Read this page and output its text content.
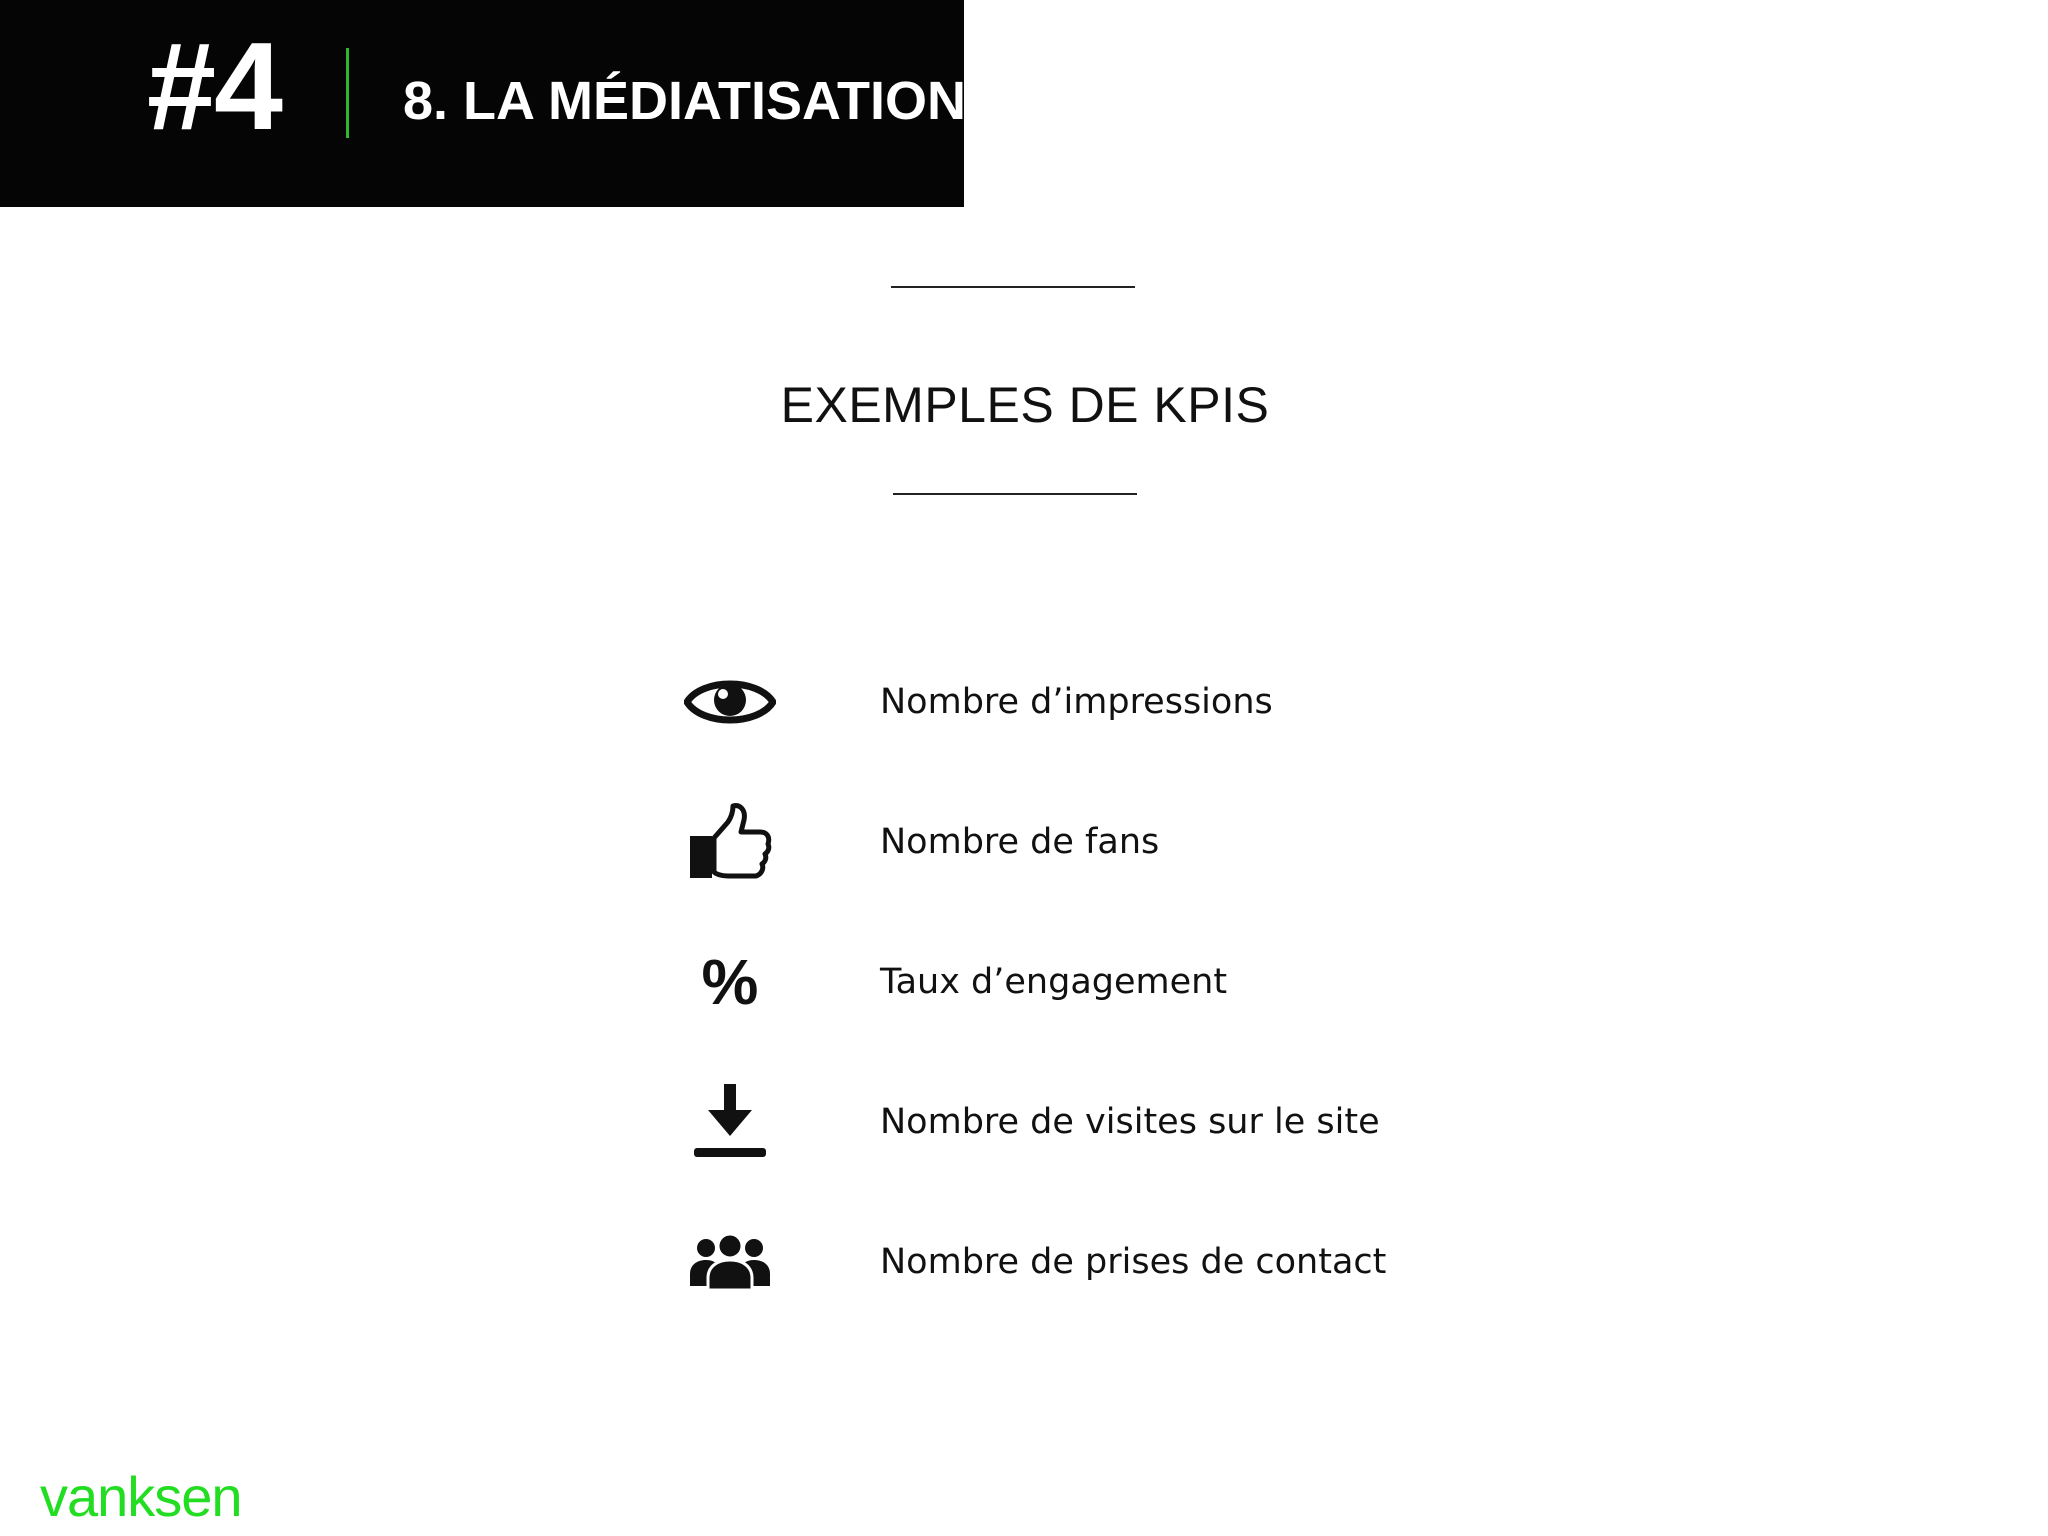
#4 8. LA MÉDIATISATION
EXEMPLES DE KPIS
Nombre d’impressions
Nombre de fans
%	Taux d’engagement
Nombre de visites sur le site
Nombre de prises de contact
vanksen
